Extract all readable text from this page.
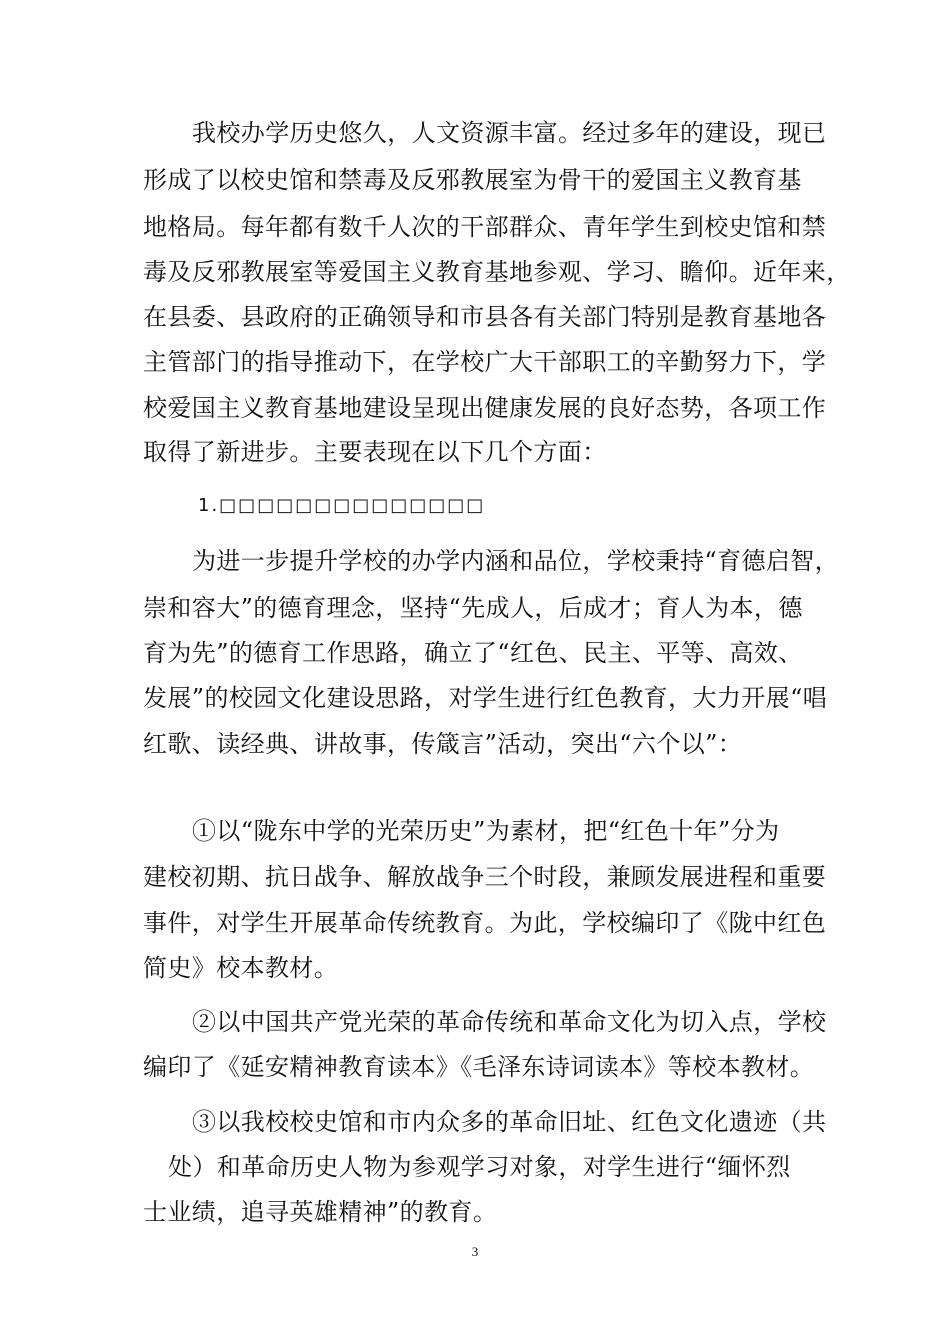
我校办学历史悠久，人文资源丰富。经过多年的建设，现已
形成了以校史馆和禁毒及反邪教展室为骨干的爱国主义教育基
地格局。每年都有数千人次的干部群众、青年学生到校史馆和禁
毒及反邪教展室等爱国主义教育基地参观、学习、瞻仰。近年来，
在县委、县政府的正确领导和市县各有关部门特别是教育基地各
主管部门的指导推动下，在学校广大干部职工的辛勤努力下，学
校爱国主义教育基地建设呈现出健康发展的良好态势，各项工作
取得了新进步。主要表现在以下几个方面：
1.□□□□□□□□□□□□□□
为进一步提升学校的办学内涵和品位，学校秉持“育德启智，
崇和容大”的德育理念，坚持“先成人，后成才；育人为本，德
育为先”的德育工作思路，确立了“红色、民主、平等、高效、
发展”的校园文化建设思路，对学生进行红色教育，大力开展“唱
红歌、读经典、讲故事，传箴言”活动，突出“六个以”：
①以“陇东中学的光荣历史”为素材，把“红色十年”分为
建校初期、抗日战争、解放战争三个时段，兼顾发展进程和重要
事件，对学生开展革命传统教育。为此，学校编印了《陇中红色
简史》校本教材。
②以中国共产党光荣的革命传统和革命文化为切入点，学校
编印了《延安精神教育读本》《毛泽东诗词读本》等校本教材。
③以我校校史馆和市内众多的革命旧址、红色文化遗迹（共
处）和革命历史人物为参观学习对象，对学生进行“缅怀烈
士业绩，追寻英雄精神”的教育。
3
